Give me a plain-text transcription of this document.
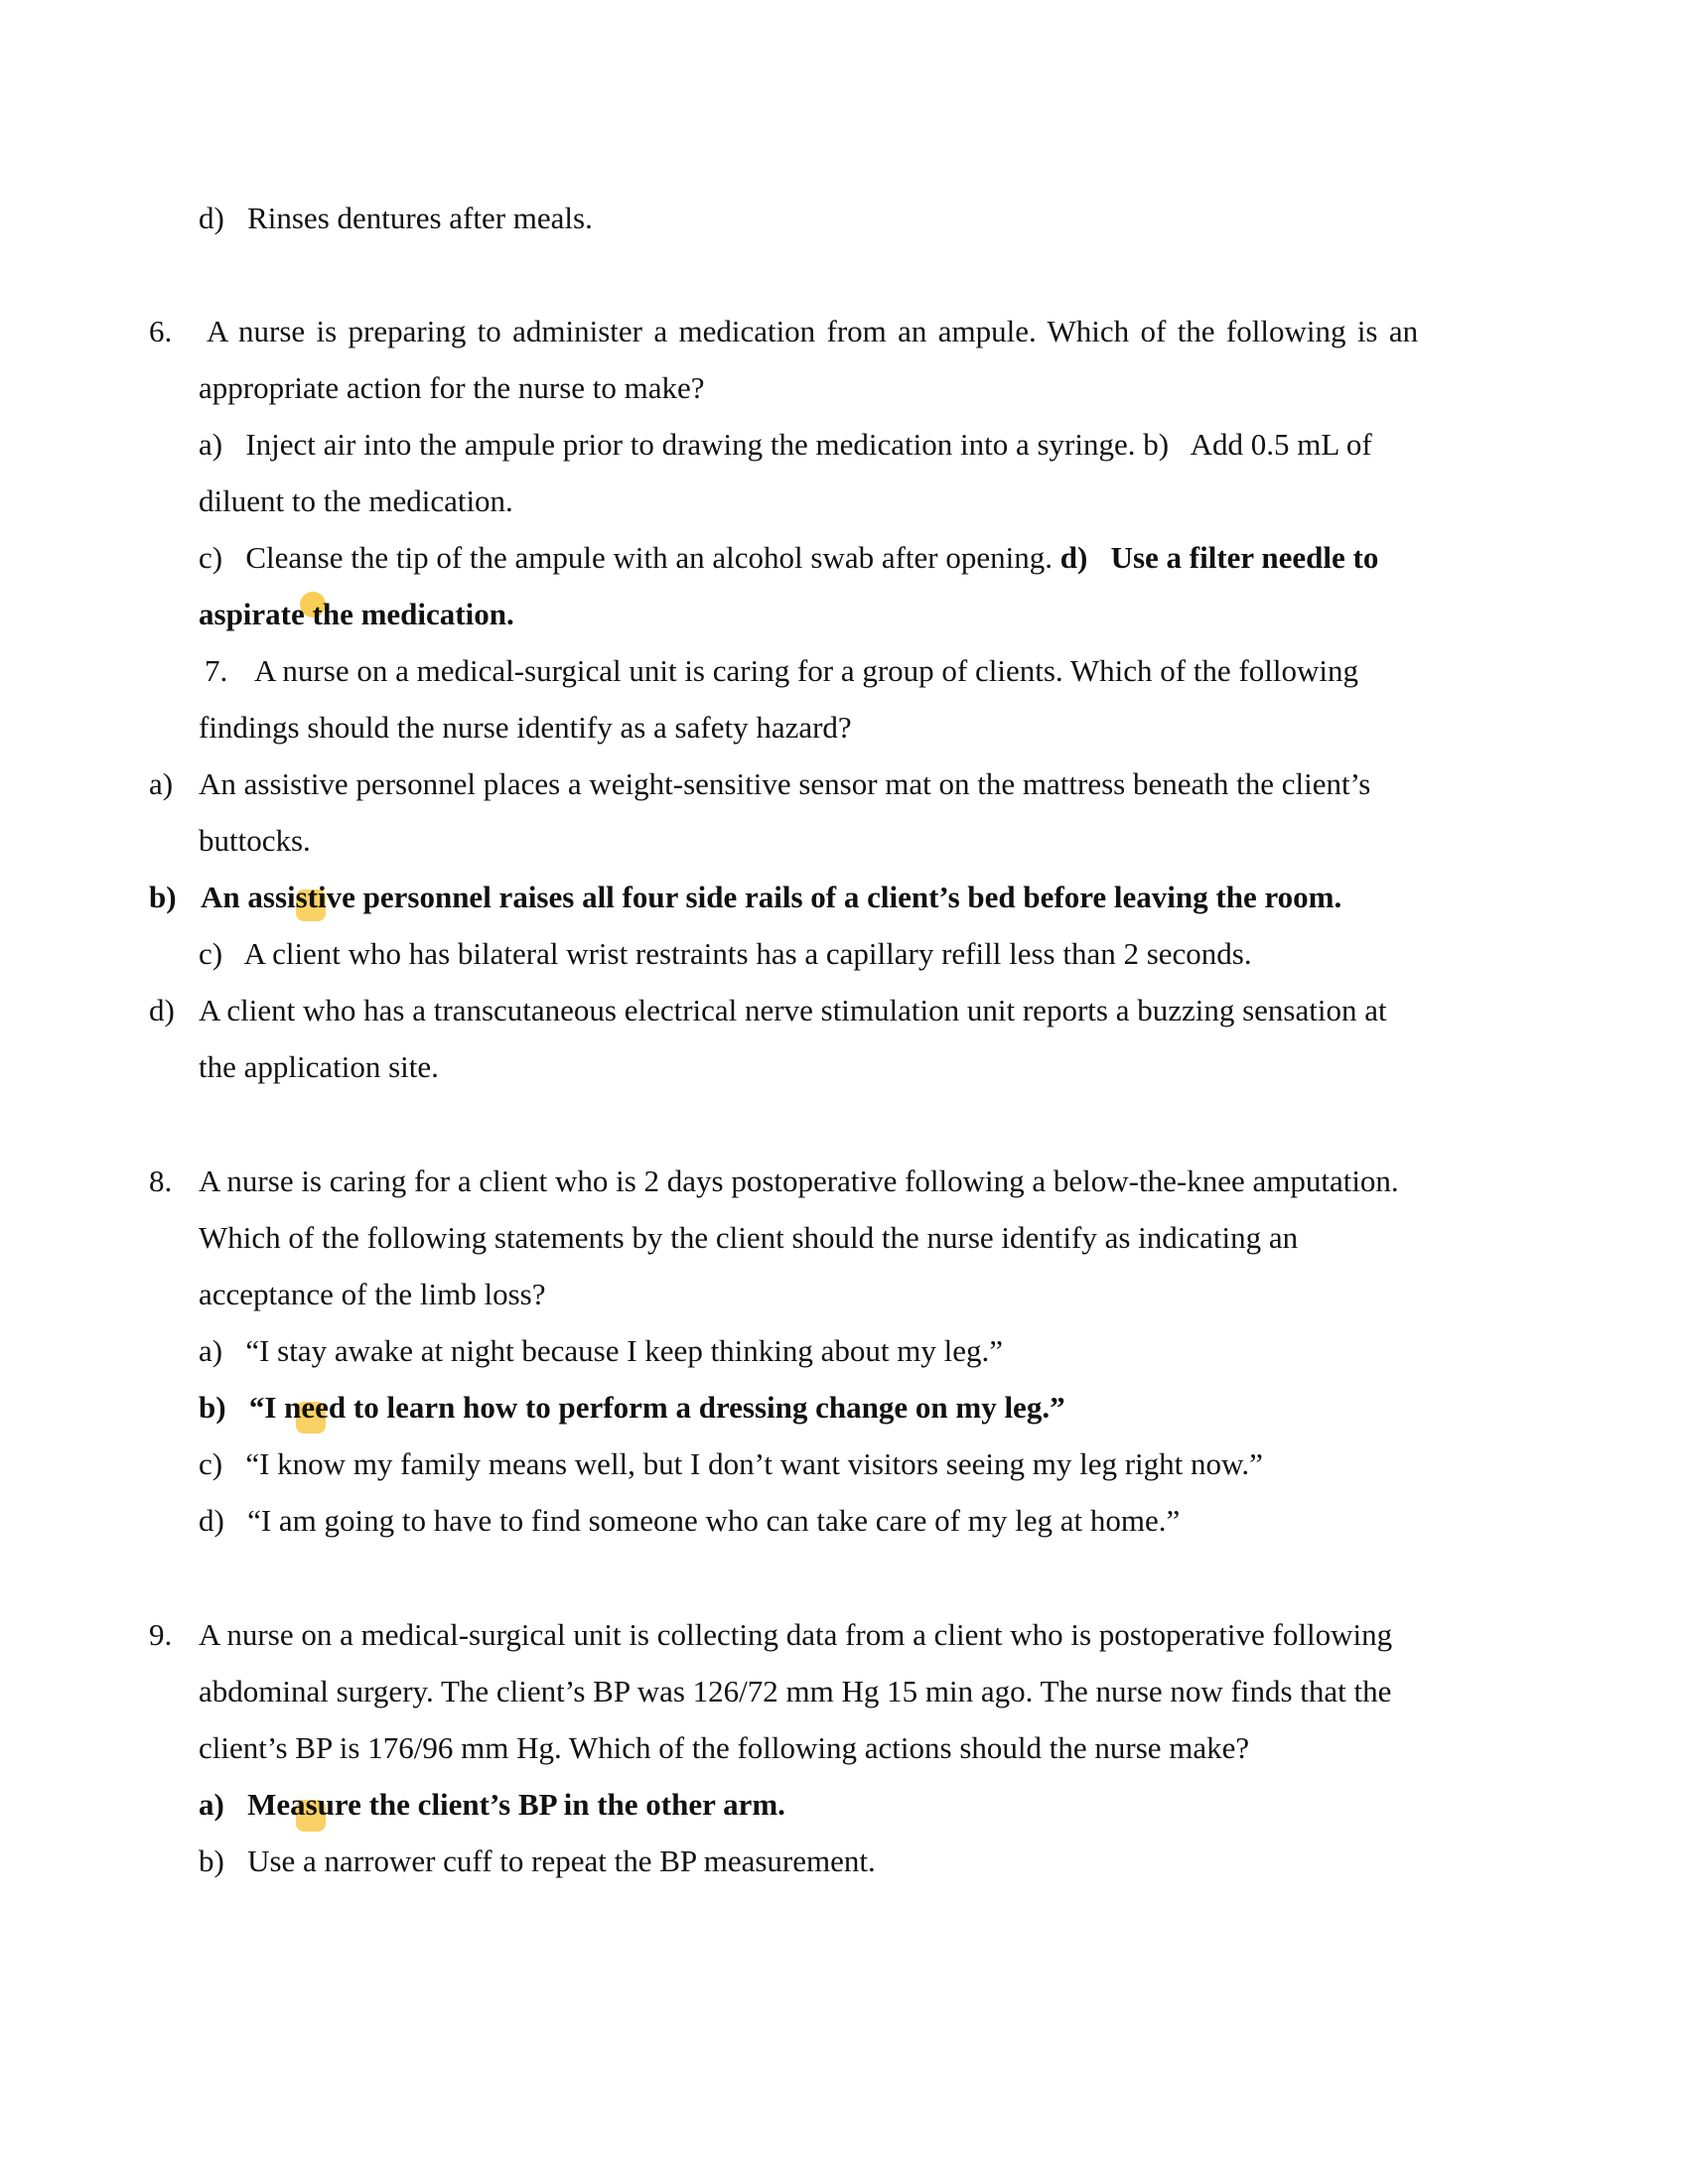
d) Rinses dentures after meals.
6. A nurse is preparing to administer a medication from an ampule. Which of the following is an
appropriate action for the nurse to make?
a) Inject air into the ampule prior to drawing the medication into a syringe. b) Add 0.5 mL of
diluent to the medication.
c) Cleanse the tip of the ampule with an alcohol swab after opening. d) Use a filter needle to
aspirate the medication.
7. A nurse on a medical-surgical unit is caring for a group of clients. Which of the following
findings should the nurse identify as a safety hazard?
a) An assistive personnel places a weight-sensitive sensor mat on the mattress beneath the client’s
buttocks.
b) An assistive personnel raises all four side rails of a client’s bed before leaving the room.
c) A client who has bilateral wrist restraints has a capillary refill less than 2 seconds.
d) A client who has a transcutaneous electrical nerve stimulation unit reports a buzzing sensation at
the application site.
8. A nurse is caring for a client who is 2 days postoperative following a below-the-knee amputation.
Which of the following statements by the client should the nurse identify as indicating an
acceptance of the limb loss?
a) “I stay awake at night because I keep thinking about my leg.”
b) “I need to learn how to perform a dressing change on my leg.”
c) “I know my family means well, but I don’t want visitors seeing my leg right now.”
d) “I am going to have to find someone who can take care of my leg at home.”
9. A nurse on a medical-surgical unit is collecting data from a client who is postoperative following
abdominal surgery. The client’s BP was 126/72 mm Hg 15 min ago. The nurse now finds that the
client’s BP is 176/96 mm Hg. Which of the following actions should the nurse make?
a) Measure the client’s BP in the other arm.
b) Use a narrower cuff to repeat the BP measurement.
